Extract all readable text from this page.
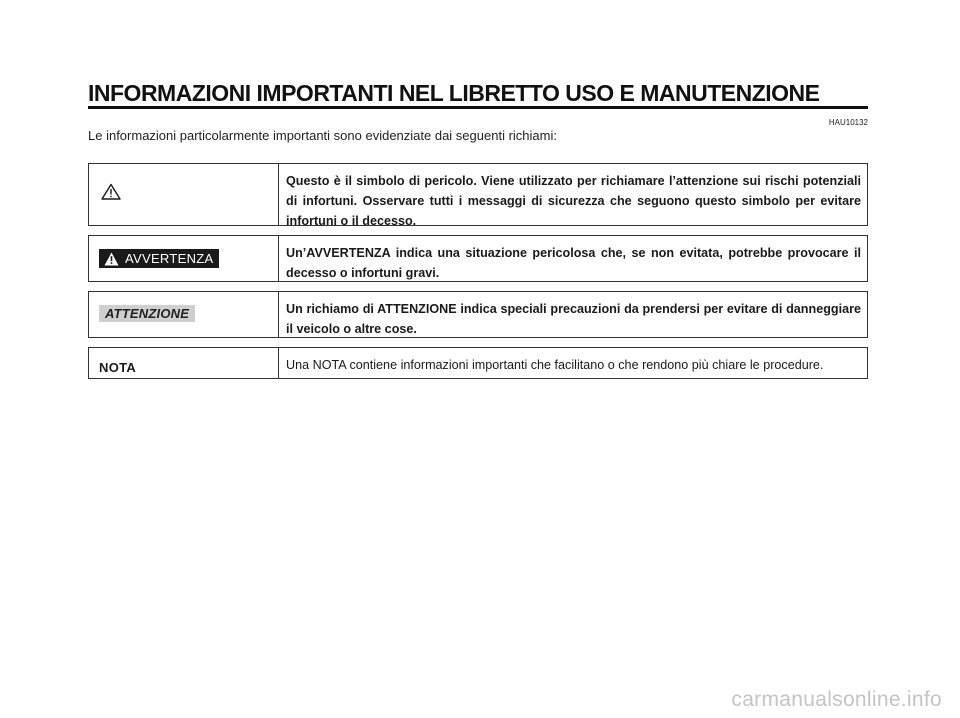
INFORMAZIONI IMPORTANTI NEL LIBRETTO USO E MANUTENZIONE
HAU10132

Le informazioni particolarmente importanti sono evidenziate dai seguenti richiami:

Questo è il simbolo di pericolo. Viene utilizzato per richiamare l’attenzione sui rischi potenziali di infortuni. Osservare tutti i messaggi di sicurezza che seguono questo simbolo per evitare infortuni o il decesso.
AVVERTENZA	Un’AVVERTENZA indica una situazione pericolosa che, se non evitata, potrebbe provocare il decesso o infortuni gravi.
ATTENZIONE	Un richiamo di ATTENZIONE indica speciali precauzioni da prendersi per evitare di danneggiare il veicolo o altre cose.
NOTA	Una NOTA contiene informazioni importanti che facilitano o che rendono più chiare le procedure.
carmanualsonline.info
